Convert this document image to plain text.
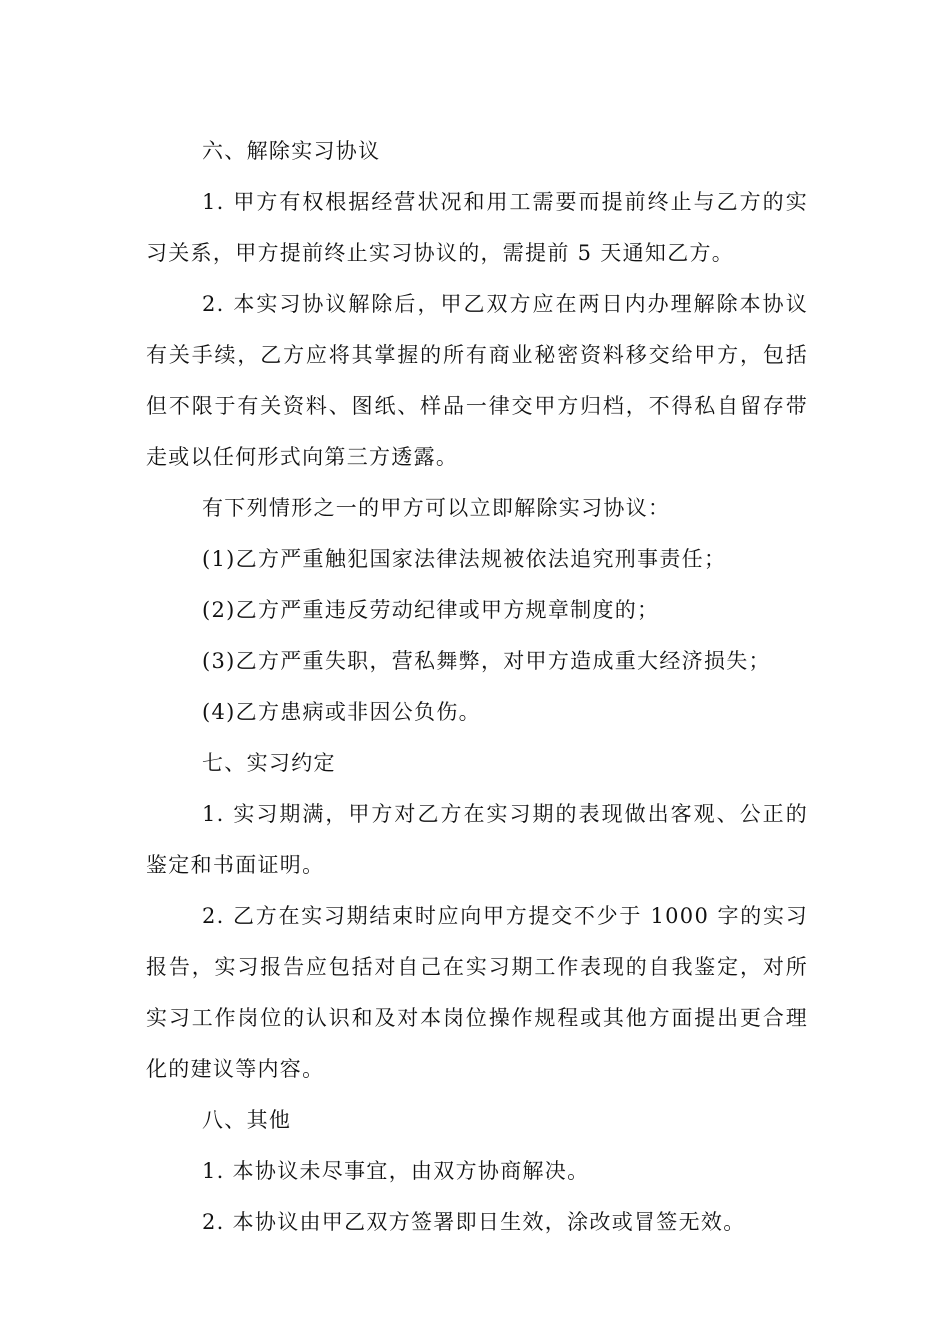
六、解除实习协议

1. 甲方有权根据经营状况和用工需要而提前终止与乙方的实习关系，甲方提前终止实习协议的，需提前 5 天通知乙方。

2. 本实习协议解除后，甲乙双方应在两日内办理解除本协议有关手续，乙方应将其掌握的所有商业秘密资料移交给甲方，包括但不限于有关资料、图纸、样品一律交甲方归档，不得私自留存带走或以任何形式向第三方透露。

有下列情形之一的甲方可以立即解除实习协议：

(1)乙方严重触犯国家法律法规被依法追究刑事责任；

(2)乙方严重违反劳动纪律或甲方规章制度的；

(3)乙方严重失职，营私舞弊，对甲方造成重大经济损失；

(4)乙方患病或非因公负伤。

七、实习约定

1. 实习期满，甲方对乙方在实习期的表现做出客观、公正的鉴定和书面证明。

2. 乙方在实习期结束时应向甲方提交不少于 1000 字的实习报告，实习报告应包括对自己在实习期工作表现的自我鉴定，对所实习工作岗位的认识和及对本岗位操作规程或其他方面提出更合理化的建议等内容。

八、其他

1. 本协议未尽事宜，由双方协商解决。

2. 本协议由甲乙双方签署即日生效，涂改或冒签无效。
